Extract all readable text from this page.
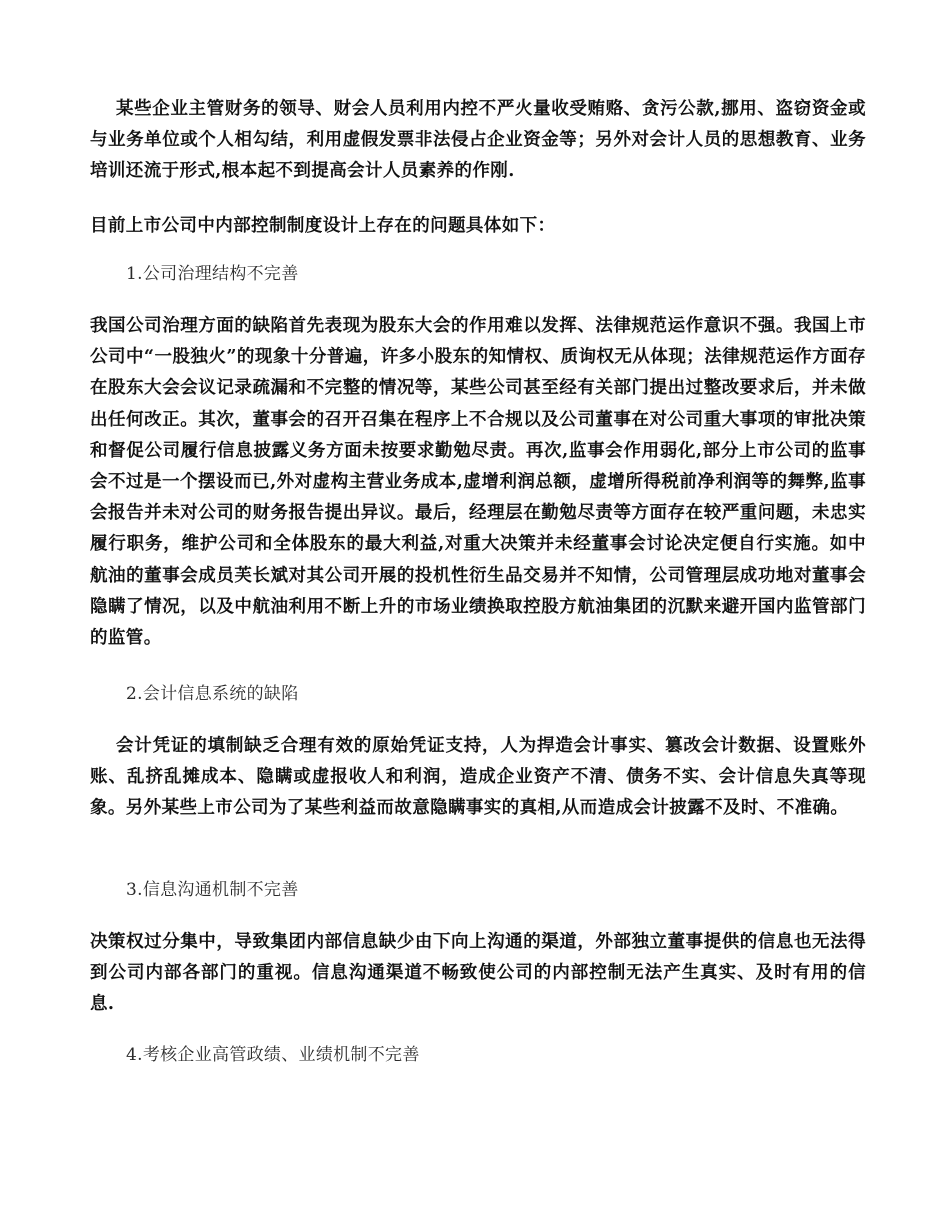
某些企业主管财务的领导、财会人员利用内控不严火量收受贿赂、贪污公款,挪用、盗窃资金或与业务单位或个人相勾结，利用虚假发票非法侵占企业资金等；另外对会计人员的思想教育、业务培训还流于形式,根本起不到提高会计人员素养的作刚.

目前上市公司中内部控制制度设计上存在的问题具体如下：

1.公司治理结构不完善

我国公司治理方面的缺陷首先表现为股东大会的作用难以发挥、法律规范运作意识不强。我国上市公司中“一股独火”的现象十分普遍，许多小股东的知情权、质询权无从体现；法律规范运作方面存在股东大会会议记录疏漏和不完整的情况等，某些公司甚至经有关部门提出过整改要求后，并未做出任何改正。其次，董事会的召开召集在程序上不合规以及公司董事在对公司重大事项的审批决策和督促公司履行信息披露义务方面未按要求勤勉尽责。再次,监事会作用弱化,部分上市公司的监事会不过是一个摆设而已,外对虚构主营业务成本,虚增利润总额，虚增所得税前净利润等的舞弊,监事会报告并未对公司的财务报告提出异议。最后，经理层在勤勉尽责等方面存在较严重问题，未忠实履行职务，维护公司和全体股东的最大利益,对重大决策并未经董事会讨论决定便自行实施。如中航油的董事会成员芙长斌对其公司开展的投机性衍生品交易并不知情，公司管理层成功地对董事会隐瞒了情况，以及中航油利用不断上升的市场业绩换取控股方航油集团的沉默来避开国内监管部门的监管。

2.会计信息系统的缺陷

会计凭证的填制缺乏合理有效的原始凭证支持，人为捍造会计事实、篡改会计数据、设置账外账、乱挤乱摊成本、隐瞒或虚报收人和利润，造成企业资产不清、债务不实、会计信息失真等现象。另外某些上市公司为了某些利益而故意隐瞒事实的真相,从而造成会计披露不及时、不准确。

3.信息沟通机制不完善

决策权过分集中，导致集团内部信息缺少由下向上沟通的渠道，外部独立董事提供的信息也无法得到公司内部各部门的重视。信息沟通渠道不畅致使公司的内部控制无法产生真实、及时有用的信息.

4.考核企业高管政绩、业绩机制不完善
